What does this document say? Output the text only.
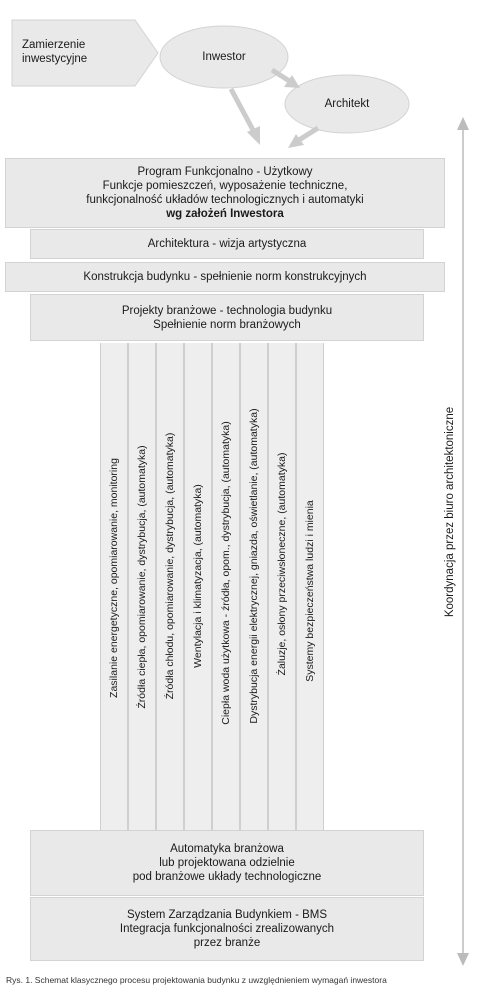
Zamierzenie
inwestycyjne	Inwestor
Architekt
Program Funkcjonalno - Użytkowy
Funkcje pomieszczeń, wyposażenie techniczne,
funkcjonalność układów technologicznych i automatyki
wg założeń Inwestora
Architektura - wizja artystyczna
Konstrukcja budynku - spełnienie norm konstrukcyjnych
Projekty branżowe - technologia budynku
Spełnienie norm branżowych
Zasilanie energetyczne, opomiarowanie, monitoring Źródła ciepła, opomiarowanie, dystrybucja, (automatyka) Źródła chłodu, opomiarowanie, dystrybucja, (automatyka) Wentylacja i klimatyzacja, (automatyka) Ciepła woda użytkowa - źródła, opom., dystrybucja, (automatyka) Dystrybucja energii elektrycznej, gniazda, oświetlanie, (automatyka) Żaluzje, osłony przeciwsłoneczne, (automatyka) Systemy bezpieczeństwa ludzi i mienia
Automatyka branżowa
lub projektowana odzielnie
pod branżowe układy technologiczne
System Zarządzania Budynkiem - BMS
Integracja funkcjonalności zrealizowanych
przez branże
Koordynacja przez biuro architektoniczne
Rys. 1. Schemat klasycznego procesu projektowania budynku z uwzględnieniem wymagań inwestora
